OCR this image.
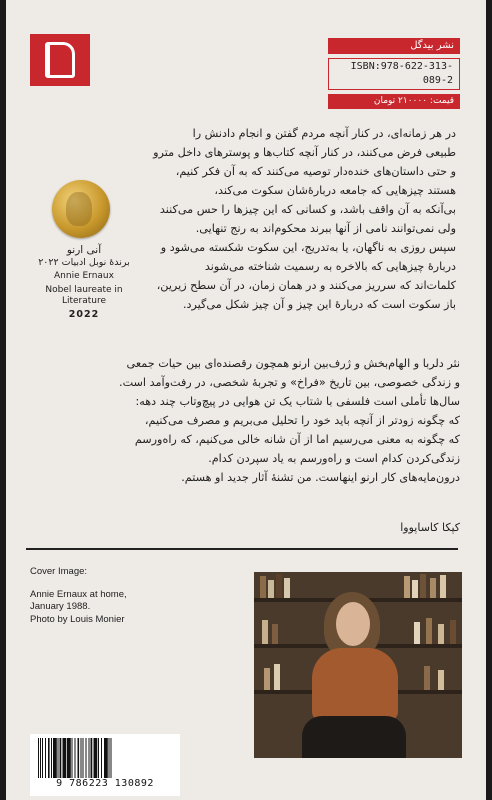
نشر بیدگل
ISBN:978-622-313-089-2
قیمت: ۲۱۰۰۰۰ تومان

در هر زمانه‌ای، در کنار آنچه مردم گفتن و انجام دادنش را

طبیعی فرض می‌کنند، در کنار آنچه کتاب‌ها و پوسترهای داخل مترو

و حتی داستان‌های خنده‌دار توصیه می‌کنند که به آن فکر کنیم،

هستند چیزهایی که جامعه دربارهٔ‌شان سکوت می‌کند،

بی‌آنکه به آن واقف باشد، و کسانی که این چیزها را حس می‌کنند

ولی نمی‌توانند نامی از آنها ببرند محکوم‌اند به رنج تنهایی.

سپس روزی به ناگهان، یا به‌تدریج، این سکوت شکسته می‌شود و

دربارهٔ چیزهایی که بالاخره به رسمیت شناخته می‌شوند

کلمات‌اند که سرریز می‌کنند و در همان زمان، در آن سطح زیرین،

باز سکوت است که دربارهٔ این چیز و آن چیز شکل می‌گیرد.

آنی ارنو
برندهٔ نوبل ادبیات ۲۰۲۲
Annie Ernaux
Nobel laureate in Literature
2022

نثر دلربا و الهام‌بخش و ژرف‌بین ارنو همچون رقصنده‌ای بین حیات جمعی

و زندگی خصوصی، بین تاریخ «فراخ» و تجربهٔ شخصی، در رفت‌وآمد است.

سال‌ها تأملی است فلسفی با شتاب یک تن هوایی در پیچ‌وتاب چند دهه:

که چگونه زودتر از آنچه باید خود را تحلیل می‌بریم و مصرف می‌کنیم،

که چگونه به معنی می‌رسیم اما از آن شانه خالی می‌کنیم، که راه‌ورسم

زندگی‌کردن کدام است و راه‌ورسم به یاد سپردن کدام.

درون‌مایه‌های کار ارنو اینهاست. من تشنهٔ آثار جدید او هستم.

کپکا کاساپووا
Cover Image:
Annie Ernaux at home,
January 1988.
Photo by Louis Monier
9 786223 130892
